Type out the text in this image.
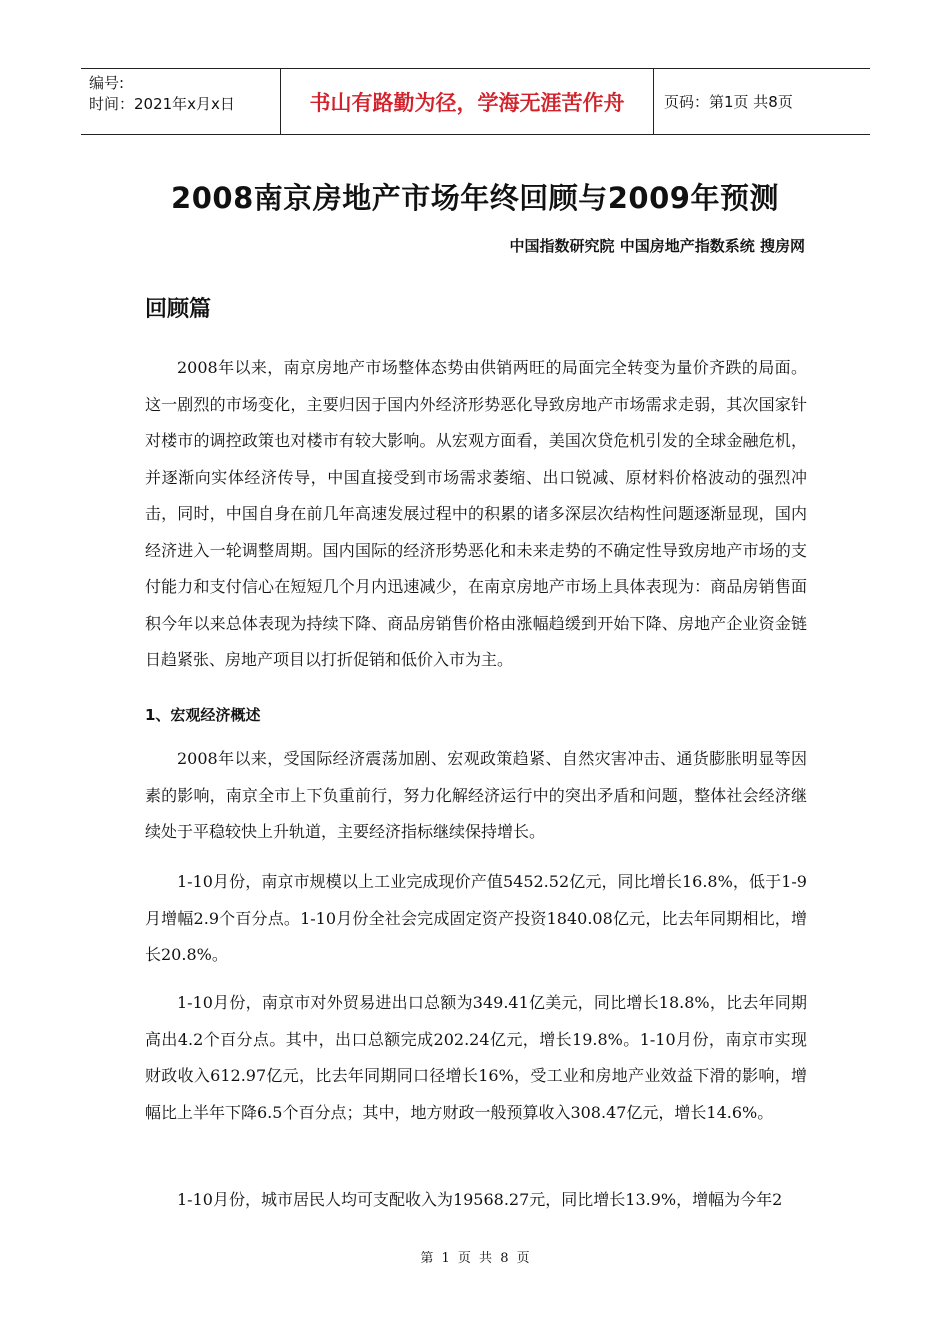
编号:
时间：2021年x月x日	书山有路勤为径，学海无涯苦作舟	页码：第1页 共8页
2008南京房地产市场年终回顾与2009年预测
中国指数研究院 中国房地产指数系统 搜房网
回顾篇

2008年以来，南京房地产市场整体态势由供销两旺的局面完全转变为量价齐跌的局面。这一剧烈的市场变化，主要归因于国内外经济形势恶化导致房地产市场需求走弱，其次国家针对楼市的调控政策也对楼市有较大影响。从宏观方面看，美国次贷危机引发的全球金融危机，并逐渐向实体经济传导，中国直接受到市场需求萎缩、出口锐减、原材料价格波动的强烈冲击，同时，中国自身在前几年高速发展过程中的积累的诸多深层次结构性问题逐渐显现，国内经济进入一轮调整周期。国内国际的经济形势恶化和未来走势的不确定性导致房地产市场的支付能力和支付信心在短短几个月内迅速减少，在南京房地产市场上具体表现为：商品房销售面积今年以来总体表现为持续下降、商品房销售价格由涨幅趋缓到开始下降、房地产企业资金链日趋紧张、房地产项目以打折促销和低价入市为主。

1、宏观经济概述

2008年以来，受国际经济震荡加剧、宏观政策趋紧、自然灾害冲击、通货膨胀明显等因素的影响，南京全市上下负重前行，努力化解经济运行中的突出矛盾和问题，整体社会经济继续处于平稳较快上升轨道，主要经济指标继续保持增长。

1-10月份，南京市规模以上工业完成现价产值5452.52亿元，同比增长16.8%，低于1-9月增幅2.9个百分点。1-10月份全社会完成固定资产投资1840.08亿元，比去年同期相比，增长20.8%。

1-10月份，南京市对外贸易进出口总额为349.41亿美元，同比增长18.8%，比去年同期高出4.2个百分点。其中，出口总额完成202.24亿元，增长19.8%。1-10月份，南京市实现财政收入612.97亿元，比去年同期同口径增长16%，受工业和房地产业效益下滑的影响，增幅比上半年下降6.5个百分点；其中，地方财政一般预算收入308.47亿元，增长14.6%。

1-10月份，城市居民人均可支配收入为19568.27元，同比增长13.9%，增幅为今年2

第 1 页 共 8 页
